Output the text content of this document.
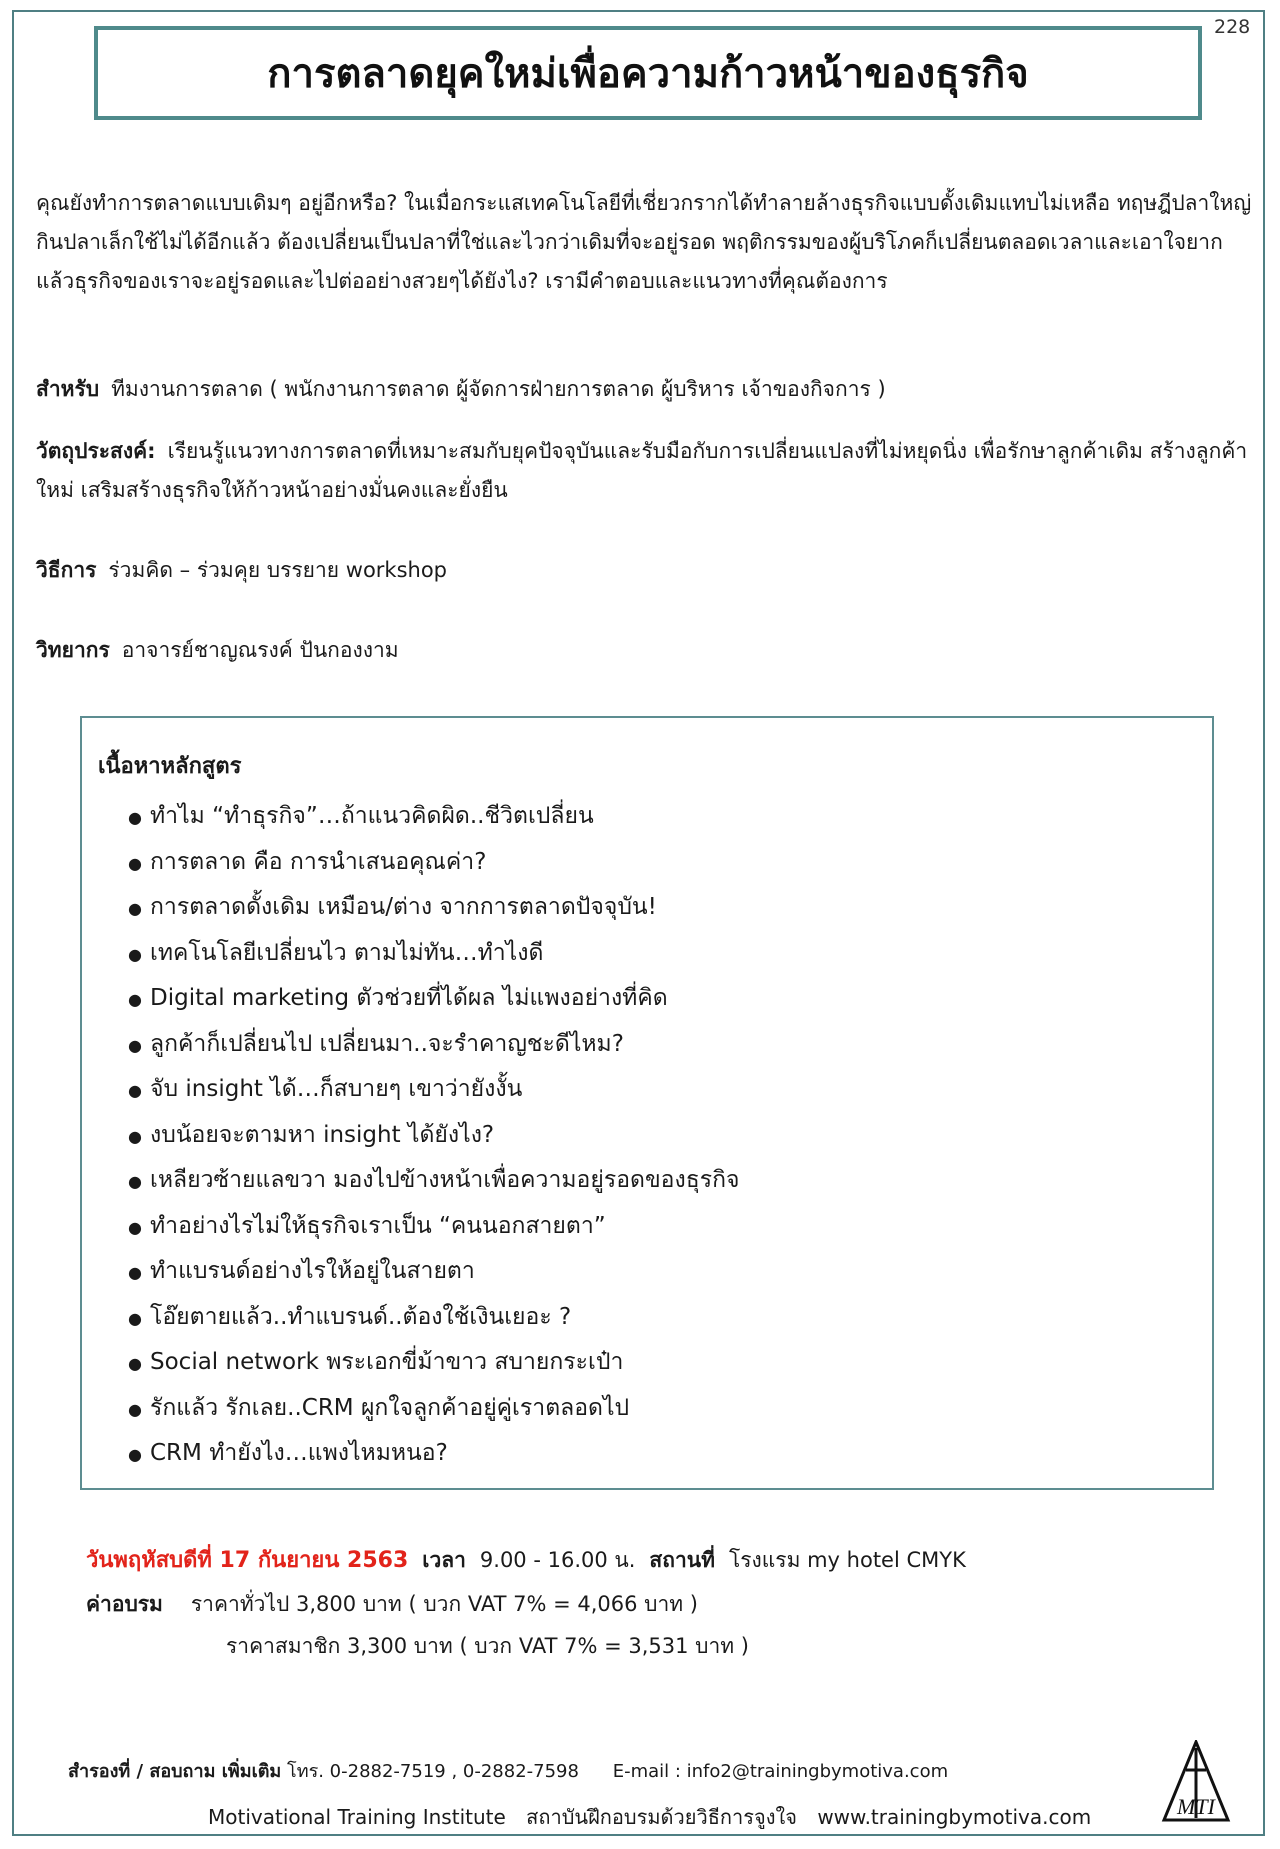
228
การตลาดยุคใหม่เพื่อความก้าวหน้าของธุรกิจ
คุณยังทำการตลาดแบบเดิมๆ อยู่อีกหรือ? ในเมื่อกระแสเทคโนโลยีที่เชี่ยวกรากได้ทำลายล้างธุรกิจแบบดั้งเดิมแทบไม่เหลือ ทฤษฎีปลาใหญ่กินปลาเล็กใช้ไม่ได้อีกแล้ว ต้องเปลี่ยนเป็นปลาที่ใช่และไวกว่าเดิมที่จะอยู่รอด พฤติกรรมของผู้บริโภคก็เปลี่ยนตลอดเวลาและเอาใจยาก แล้วธุรกิจของเราจะอยู่รอดและไปต่ออย่างสวยๆได้ยังไง? เรามีคำตอบและแนวทางที่คุณต้องการ
สำหรับ ทีมงานการตลาด ( พนักงานการตลาด ผู้จัดการฝ่ายการตลาด ผู้บริหาร เจ้าของกิจการ )
วัตถุประสงค์: เรียนรู้แนวทางการตลาดที่เหมาะสมกับยุคปัจจุบันและรับมือกับการเปลี่ยนแปลงที่ไม่หยุดนิ่ง เพื่อรักษาลูกค้าเดิม สร้างลูกค้าใหม่ เสริมสร้างธุรกิจให้ก้าวหน้าอย่างมั่นคงและยั่งยืน
วิธีการ ร่วมคิด – ร่วมคุย บรรยาย workshop
วิทยากร อาจารย์ชาญณรงค์ ปันกองงาม
เนื้อหาหลักสูตร
● ทำไม “ทำธุรกิจ”…ถ้าแนวคิดผิด..ชีวิตเปลี่ยน
● การตลาด คือ การนำเสนอคุณค่า?
● การตลาดดั้งเดิม เหมือน/ต่าง จากการตลาดปัจจุบัน!
● เทคโนโลยีเปลี่ยนไว ตามไม่ทัน…ทำไงดี
● Digital marketing ตัวช่วยที่ได้ผล ไม่แพงอย่างที่คิด
● ลูกค้าก็เปลี่ยนไป เปลี่ยนมา..จะรำคาญชะดีไหม?
● จับ insight ได้…ก็สบายๆ เขาว่ายังงั้น
● งบน้อยจะตามหา insight ได้ยังไง?
● เหลียวซ้ายแลขวา มองไปข้างหน้าเพื่อความอยู่รอดของธุรกิจ
● ทำอย่างไรไม่ให้ธุรกิจเราเป็น “คนนอกสายตา”
● ทำแบรนด์อย่างไรให้อยู่ในสายตา
● โอ๊ยตายแล้ว..ทำแบรนด์..ต้องใช้เงินเยอะ ?
● Social network พระเอกขี่ม้าขาว สบายกระเป๋า
● รักแล้ว รักเลย..CRM ผูกใจลูกค้าอยู่คู่เราตลอดไป
● CRM ทำยังไง…แพงไหมหนอ?
วันพฤหัสบดีที่ 17 กันยายน 2563 เวลา 9.00 - 16.00 น. สถานที่ โรงแรม my hotel CMYK
ค่าอบรม ราคาทั่วไป 3,800 บาท ( บวก VAT 7% = 4,066 บาท )
ราคาสมาชิก 3,300 บาท ( บวก VAT 7% = 3,531 บาท )
สำรองที่ / สอบถาม เพิ่มเติม โทร. 0-2882-7519 , 0-2882-7598 E-mail : info2@trainingbymotiva.com
Motivational Training Institute สถาบันฝึกอบรมด้วยวิธีการจูงใจ www.trainingbymotiva.com	MTI
